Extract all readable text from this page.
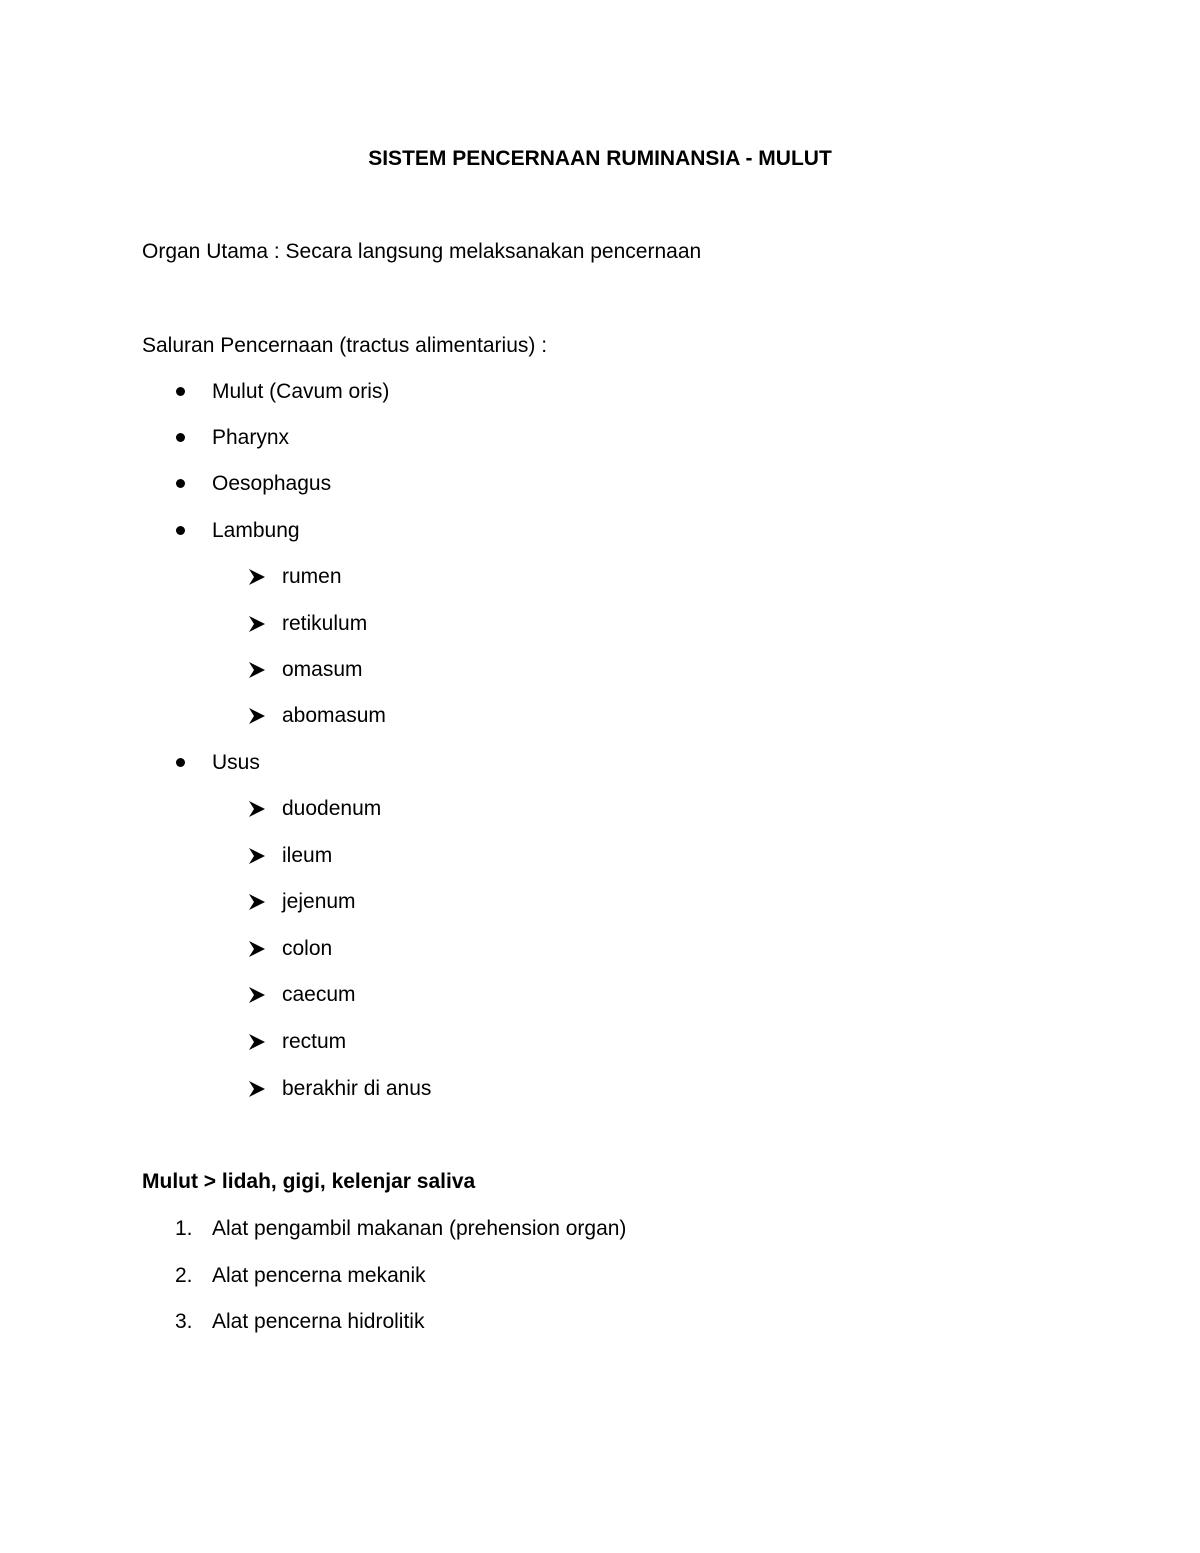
SISTEM PENCERNAAN RUMINANSIA - MULUT
Organ Utama : Secara langsung melaksanakan pencernaan
Saluran Pencernaan (tractus alimentarius) :
Mulut (Cavum oris)
Pharynx
Oesophagus
Lambung
rumen
retikulum
omasum
abomasum
Usus
duodenum
ileum
jejenum
colon
caecum
rectum
berakhir di anus
Mulut > lidah, gigi, kelenjar saliva
1. Alat pengambil makanan (prehension organ)
2. Alat pencerna mekanik
3. Alat pencerna hidrolitik
